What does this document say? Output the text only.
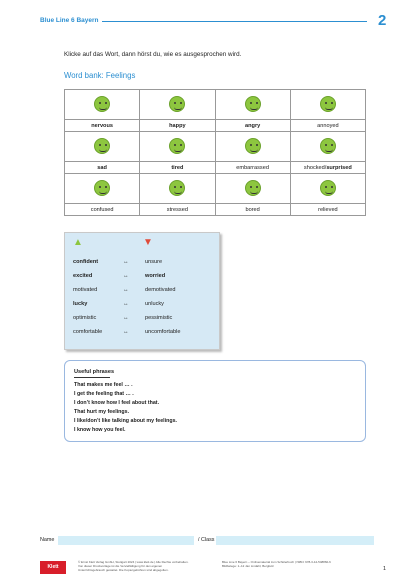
Blue Line 6 Bayern	2
Klicke auf das Wort, dann hörst du, wie es ausgesprochen wird.
Word bank: Feelings

nervous	happy	angry	annoyed

sad	tired	embarrassed	shocked/surprised

confused	stressed	bored	relieved
▲	▼
confident	↔	unsure
excited	↔	worried
motivated	↔	demotivated
lucky	↔	unlucky
optimistic	↔	pessimistic
comfortable	↔	uncomfortable
Useful phrases
That makes me feel … .
I get the feeling that … .
I don’t know how I feel about that.
That hurt my feelings.
I like/don’t like talking about my feelings.
I know how you feel.
Name	/ Class
Klett
© Ernst Klett Verlag GmbH, Stuttgart 2024 | www.klett.de | Alle Rechte vorbehalten.
Von dieser Druckvorlage ist die Vervielfältigung für den eigenen
Unterrichtsgebrauch gestattet. Die Kopiergebühren sind abgegolten.
Blue Line 6 Bayern – Onlinematerial zum Schülerbuch | ISBN: 978-3-12-548860-6
Bildbelege: 1–12 Jan Lindahl, Bergfeld	1
